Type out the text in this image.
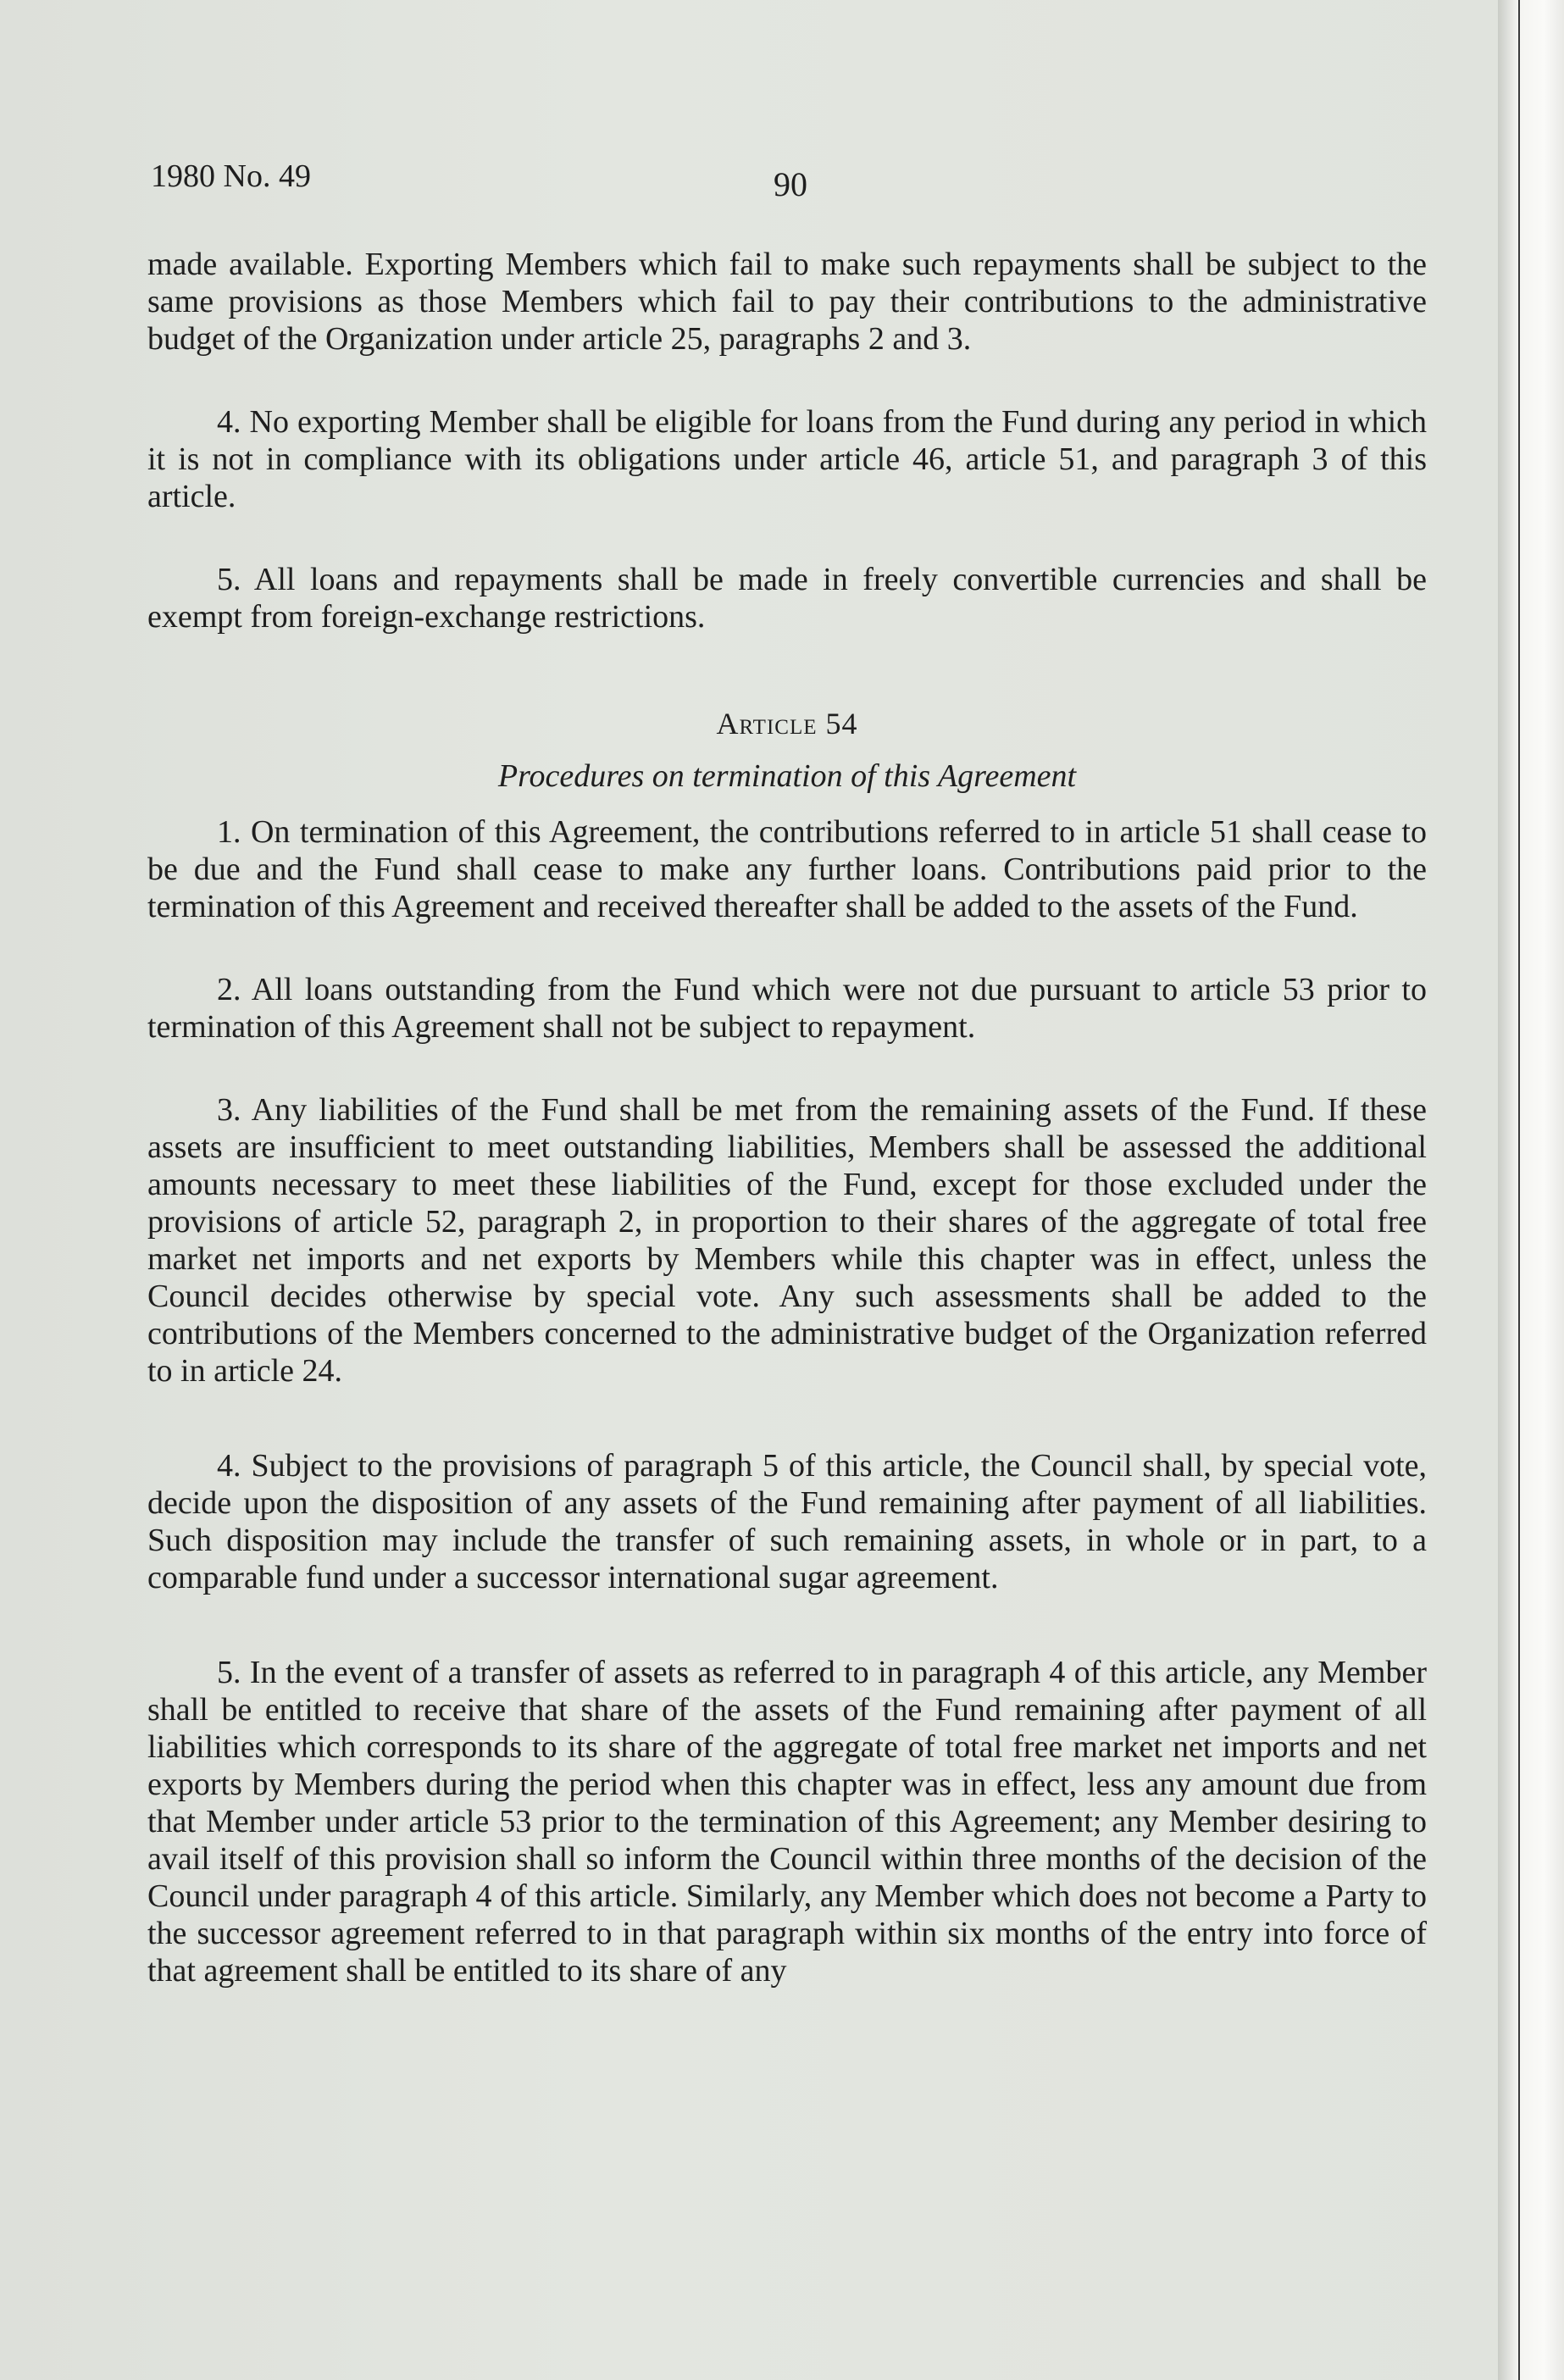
1980 No. 49	90

made available. Exporting Members which fail to make such repayments shall be subject to the same provisions as those Members which fail to pay their contributions to the administrative budget of the Organization under article 25, paragraphs 2 and 3.

4. No exporting Member shall be eligible for loans from the Fund during any period in which it is not in compliance with its obligations under article 46, article 51, and paragraph 3 of this article.

5. All loans and repayments shall be made in freely convertible currencies and shall be exempt from foreign-exchange restrictions.

Article 54

Procedures on termination of this Agreement

1. On termination of this Agreement, the contributions referred to in article 51 shall cease to be due and the Fund shall cease to make any further loans. Contributions paid prior to the termination of this Agreement and received thereafter shall be added to the assets of the Fund.

2. All loans outstanding from the Fund which were not due pursuant to article 53 prior to termination of this Agreement shall not be subject to repayment.

3. Any liabilities of the Fund shall be met from the remaining assets of the Fund. If these assets are insufficient to meet outstanding liabilities, Members shall be assessed the additional amounts necessary to meet these liabilities of the Fund, except for those excluded under the provisions of article 52, paragraph 2, in proportion to their shares of the aggregate of total free market net imports and net exports by Members while this chapter was in effect, unless the Council decides otherwise by special vote. Any such assessments shall be added to the contributions of the Members concerned to the administrative budget of the Organization referred to in article 24.

4. Subject to the provisions of paragraph 5 of this article, the Council shall, by special vote, decide upon the disposition of any assets of the Fund remaining after payment of all liabilities. Such disposition may include the transfer of such remaining assets, in whole or in part, to a comparable fund under a successor international sugar agreement.

5. In the event of a transfer of assets as referred to in paragraph 4 of this article, any Member shall be entitled to receive that share of the assets of the Fund remaining after payment of all liabilities which corresponds to its share of the aggregate of total free market net imports and net exports by Members during the period when this chapter was in effect, less any amount due from that Member under article 53 prior to the termination of this Agreement; any Member desiring to avail itself of this provision shall so inform the Council within three months of the decision of the Council under paragraph 4 of this article. Similarly, any Member which does not become a Party to the successor agreement referred to in that paragraph within six months of the entry into force of that agreement shall be entitled to its share of any
